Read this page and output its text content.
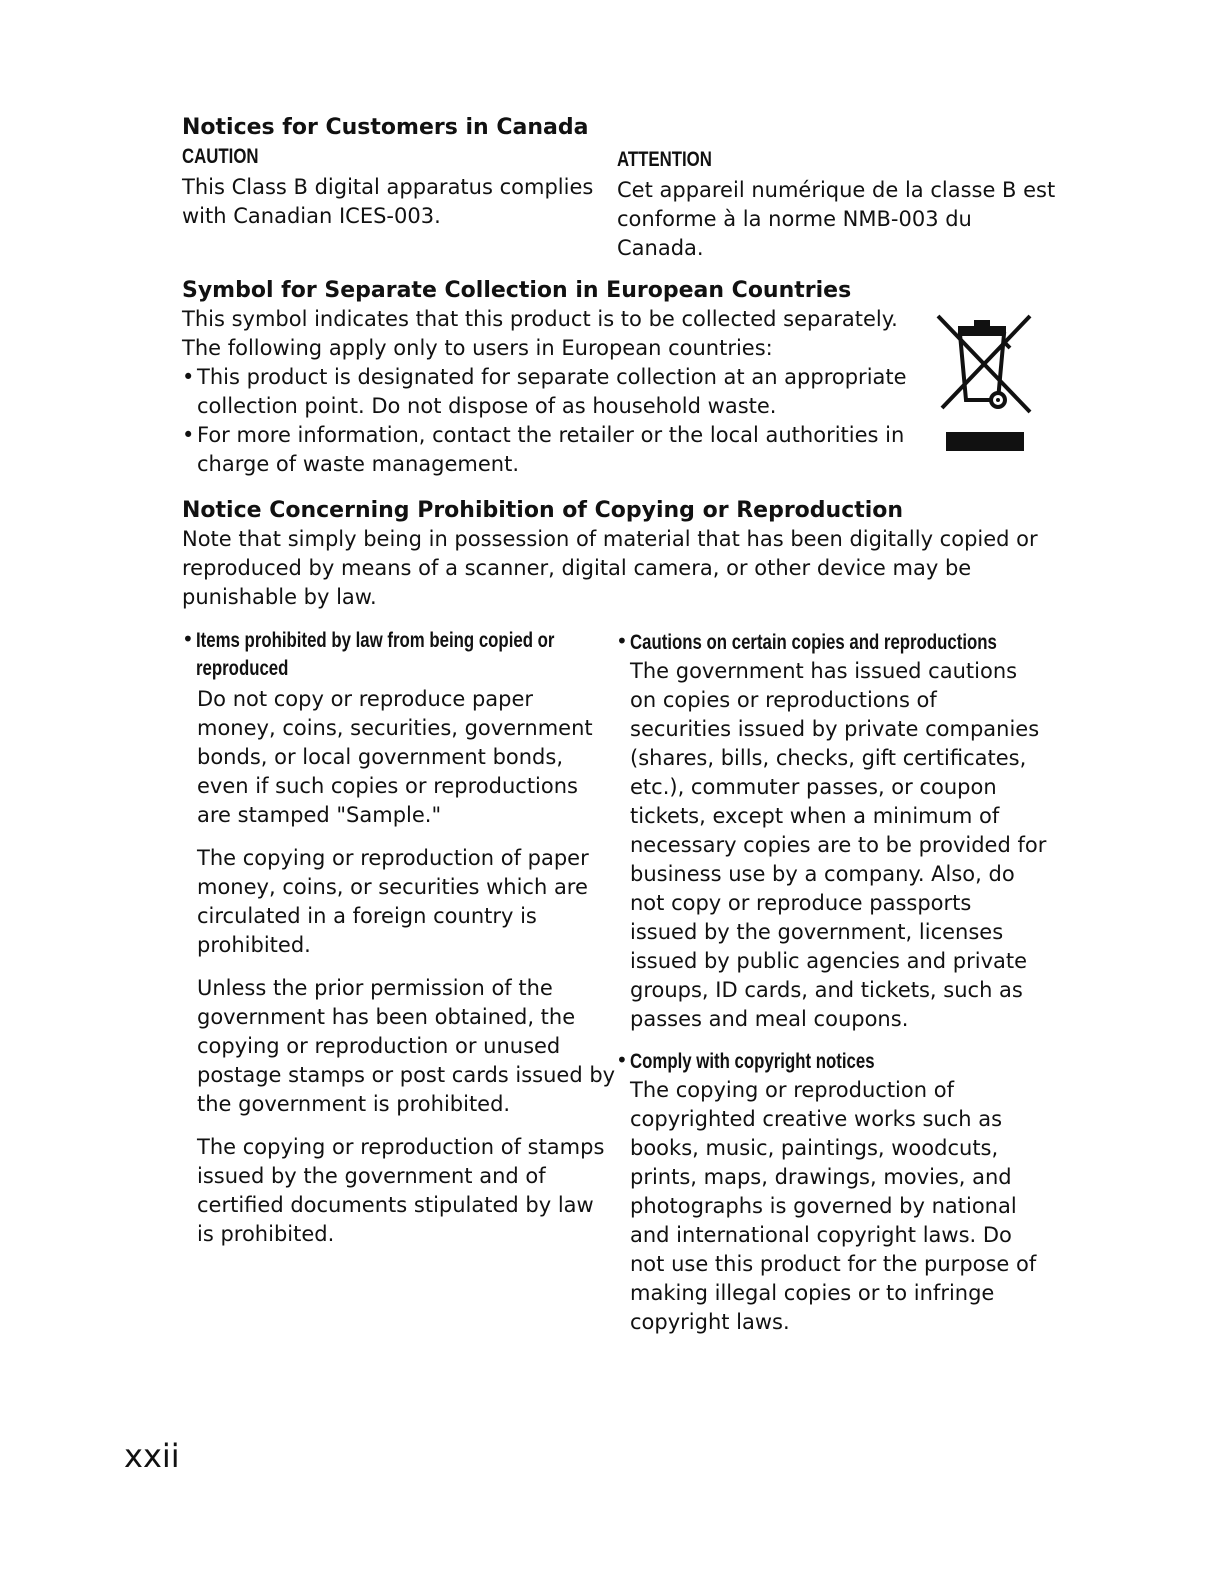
Notices for Customers in Canada
CAUTION
This Class B digital apparatus complies
with Canadian ICES-003.
ATTENTION
Cet appareil numérique de la classe B est
conforme à la norme NMB-003 du
Canada.
Symbol for Separate Collection in European Countries
This symbol indicates that this product is to be collected separately.
The following apply only to users in European countries:
• This product is designated for separate collection at an appropriate
collection point. Do not dispose of as household waste.
• For more information, contact the retailer or the local authorities in
charge of waste management.
Notice Concerning Prohibition of Copying or Reproduction
Note that simply being in possession of material that has been digitally copied or
reproduced by means of a scanner, digital camera, or other device may be
punishable by law.
• Items prohibited by law from being copied or
reproduced
Do not copy or reproduce paper
money, coins, securities, government
bonds, or local government bonds,
even if such copies or reproductions
are stamped "Sample."
The copying or reproduction of paper
money, coins, or securities which are
circulated in a foreign country is
prohibited.
Unless the prior permission of the
government has been obtained, the
copying or reproduction or unused
postage stamps or post cards issued by
the government is prohibited.
The copying or reproduction of stamps
issued by the government and of
certified documents stipulated by law
is prohibited.
• Cautions on certain copies and reproductions
The government has issued cautions
on copies or reproductions of
securities issued by private companies
(shares, bills, checks, gift certificates,
etc.), commuter passes, or coupon
tickets, except when a minimum of
necessary copies are to be provided for
business use by a company. Also, do
not copy or reproduce passports
issued by the government, licenses
issued by public agencies and private
groups, ID cards, and tickets, such as
passes and meal coupons.
• Comply with copyright notices
The copying or reproduction of
copyrighted creative works such as
books, music, paintings, woodcuts,
prints, maps, drawings, movies, and
photographs is governed by national
and international copyright laws. Do
not use this product for the purpose of
making illegal copies or to infringe
copyright laws.
xxii
